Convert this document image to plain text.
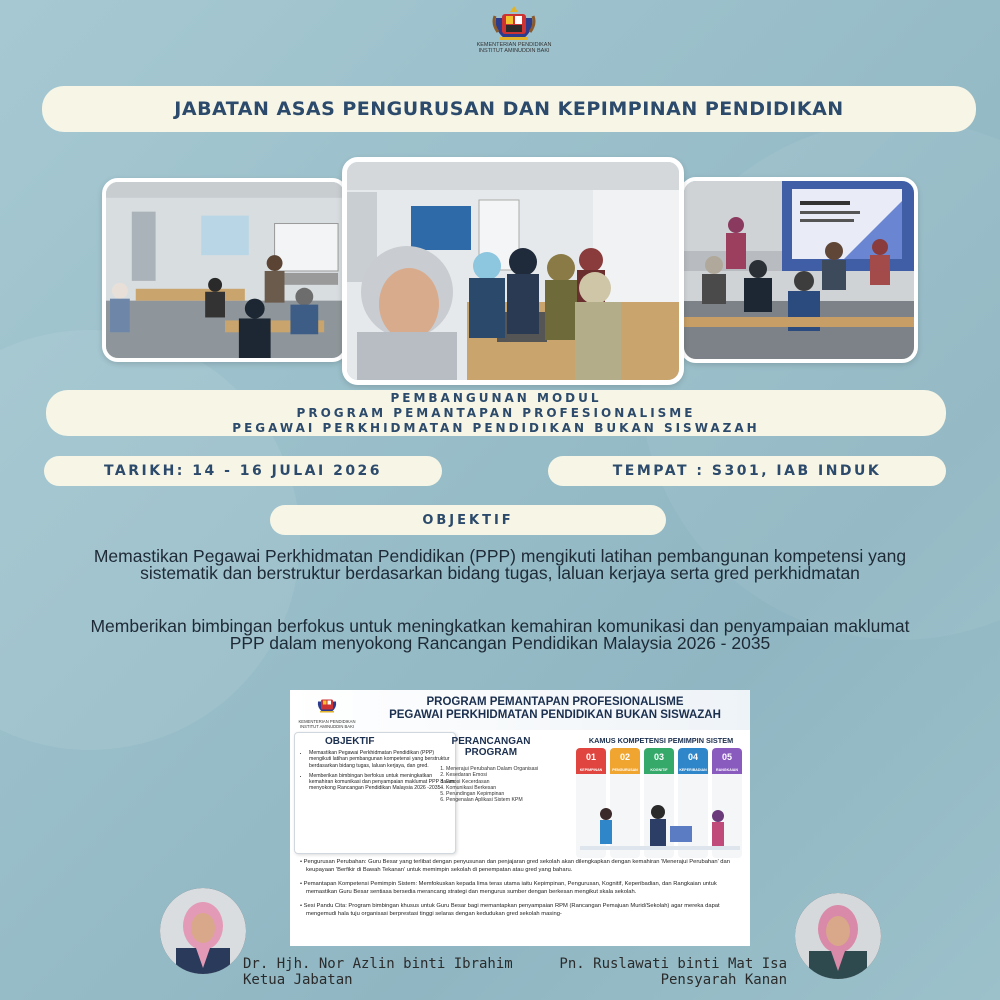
KEMENTERIAN PENDIDIKAN
INSTITUT AMINUDDIN BAKI
JABATAN ASAS PENGURUSAN DAN KEPIMPINAN PENDIDIKAN
PEMBANGUNAN MODUL
PROGRAM PEMANTAPAN PROFESIONALISME
PEGAWAI PERKHIDMATAN PENDIDIKAN BUKAN SISWAZAH
TARIKH: 14 - 16 JULAI 2026	TEMPAT : S301, IAB INDUK
OBJEKTIF
Memastikan Pegawai Perkhidmatan Pendidikan (PPP) mengikuti latihan pembangunan kompetensi yang sistematik dan berstruktur berdasarkan bidang tugas, laluan kerjaya serta gred perkhidmatan
Memberikan bimbingan berfokus untuk meningkatkan kemahiran komunikasi dan penyampaian maklumat PPP dalam menyokong Rancangan Pendidikan Malaysia 2026 - 2035
KEMENTERIAN PENDIDIKAN
INSTITUT AMINUDDIN BAKI
PROGRAM PEMANTAPAN PROFESIONALISME
PEGAWAI PERKHIDMATAN PENDIDIKAN BUKAN SISWAZAH
OBJEKTIF
• Memastikan Pegawai Perkhidmatan Pendidikan (PPP) mengikuti latihan pembangunan kompetensi yang berstruktur berdasarkan bidang tugas, laluan kerjaya, dan gred.
• Memberikan bimbingan berfokus untuk meningkatkan kemahiran komunikasi dan penyampaian maklumat PPP dalam menyokong Rancangan Pendidikan Malaysia 2026 -2035.
PERANCANGAN PROGRAM
1. Menerajui Perubahan Dalam Organisasi
2. Kesedaran Emosi
3. Emosi Kecerdasan
4. Komunikasi Berkesan
5. Perundingan Kepimpinan
6. Pengenalan Aplikasi Sistem KPM
KAMUS KOMPETENSI PEMIMPIN SISTEM
01
KEPIMPINAN
02
PENGURUSAN
03
KOGNITIF
04
KEPERIBADIAN
05
RANGKAIAN

• Pengurusan Perubahan: Guru Besar yang terlibat dengan penyusunan dan penjajaran gred sekolah akan dilengkapkan dengan kemahiran 'Menerajui Perubahan' dan keupayaan 'Berfikir di Bawah Tekanan' untuk memimpin sekolah di penempatan atau gred yang baharu.

• Pemantapan Kompetensi Pemimpin Sistem: Memfokuskan kepada lima teras utama iaitu Kepimpinan, Pengurusan, Kognitif, Keperibadian, dan Rangkaian untuk memastikan Guru Besar sentiasa bersedia merancang strategi dan mengurus sumber dengan berkesan mengikut skala sekolah.

• Sesi Pandu Cita: Program bimbingan khusus untuk Guru Besar bagi memantapkan penyampaian RPM (Rancangan Pemajuan Murid/Sekolah) agar mereka dapat mengemudi hala tuju organisasi berprestasi tinggi selaras dengan kedudukan gred sekolah masing-

Dr. Hjh. Nor Azlin binti Ibrahim
Ketua Jabatan
Pn. Ruslawati binti Mat Isa
Pensyarah Kanan
